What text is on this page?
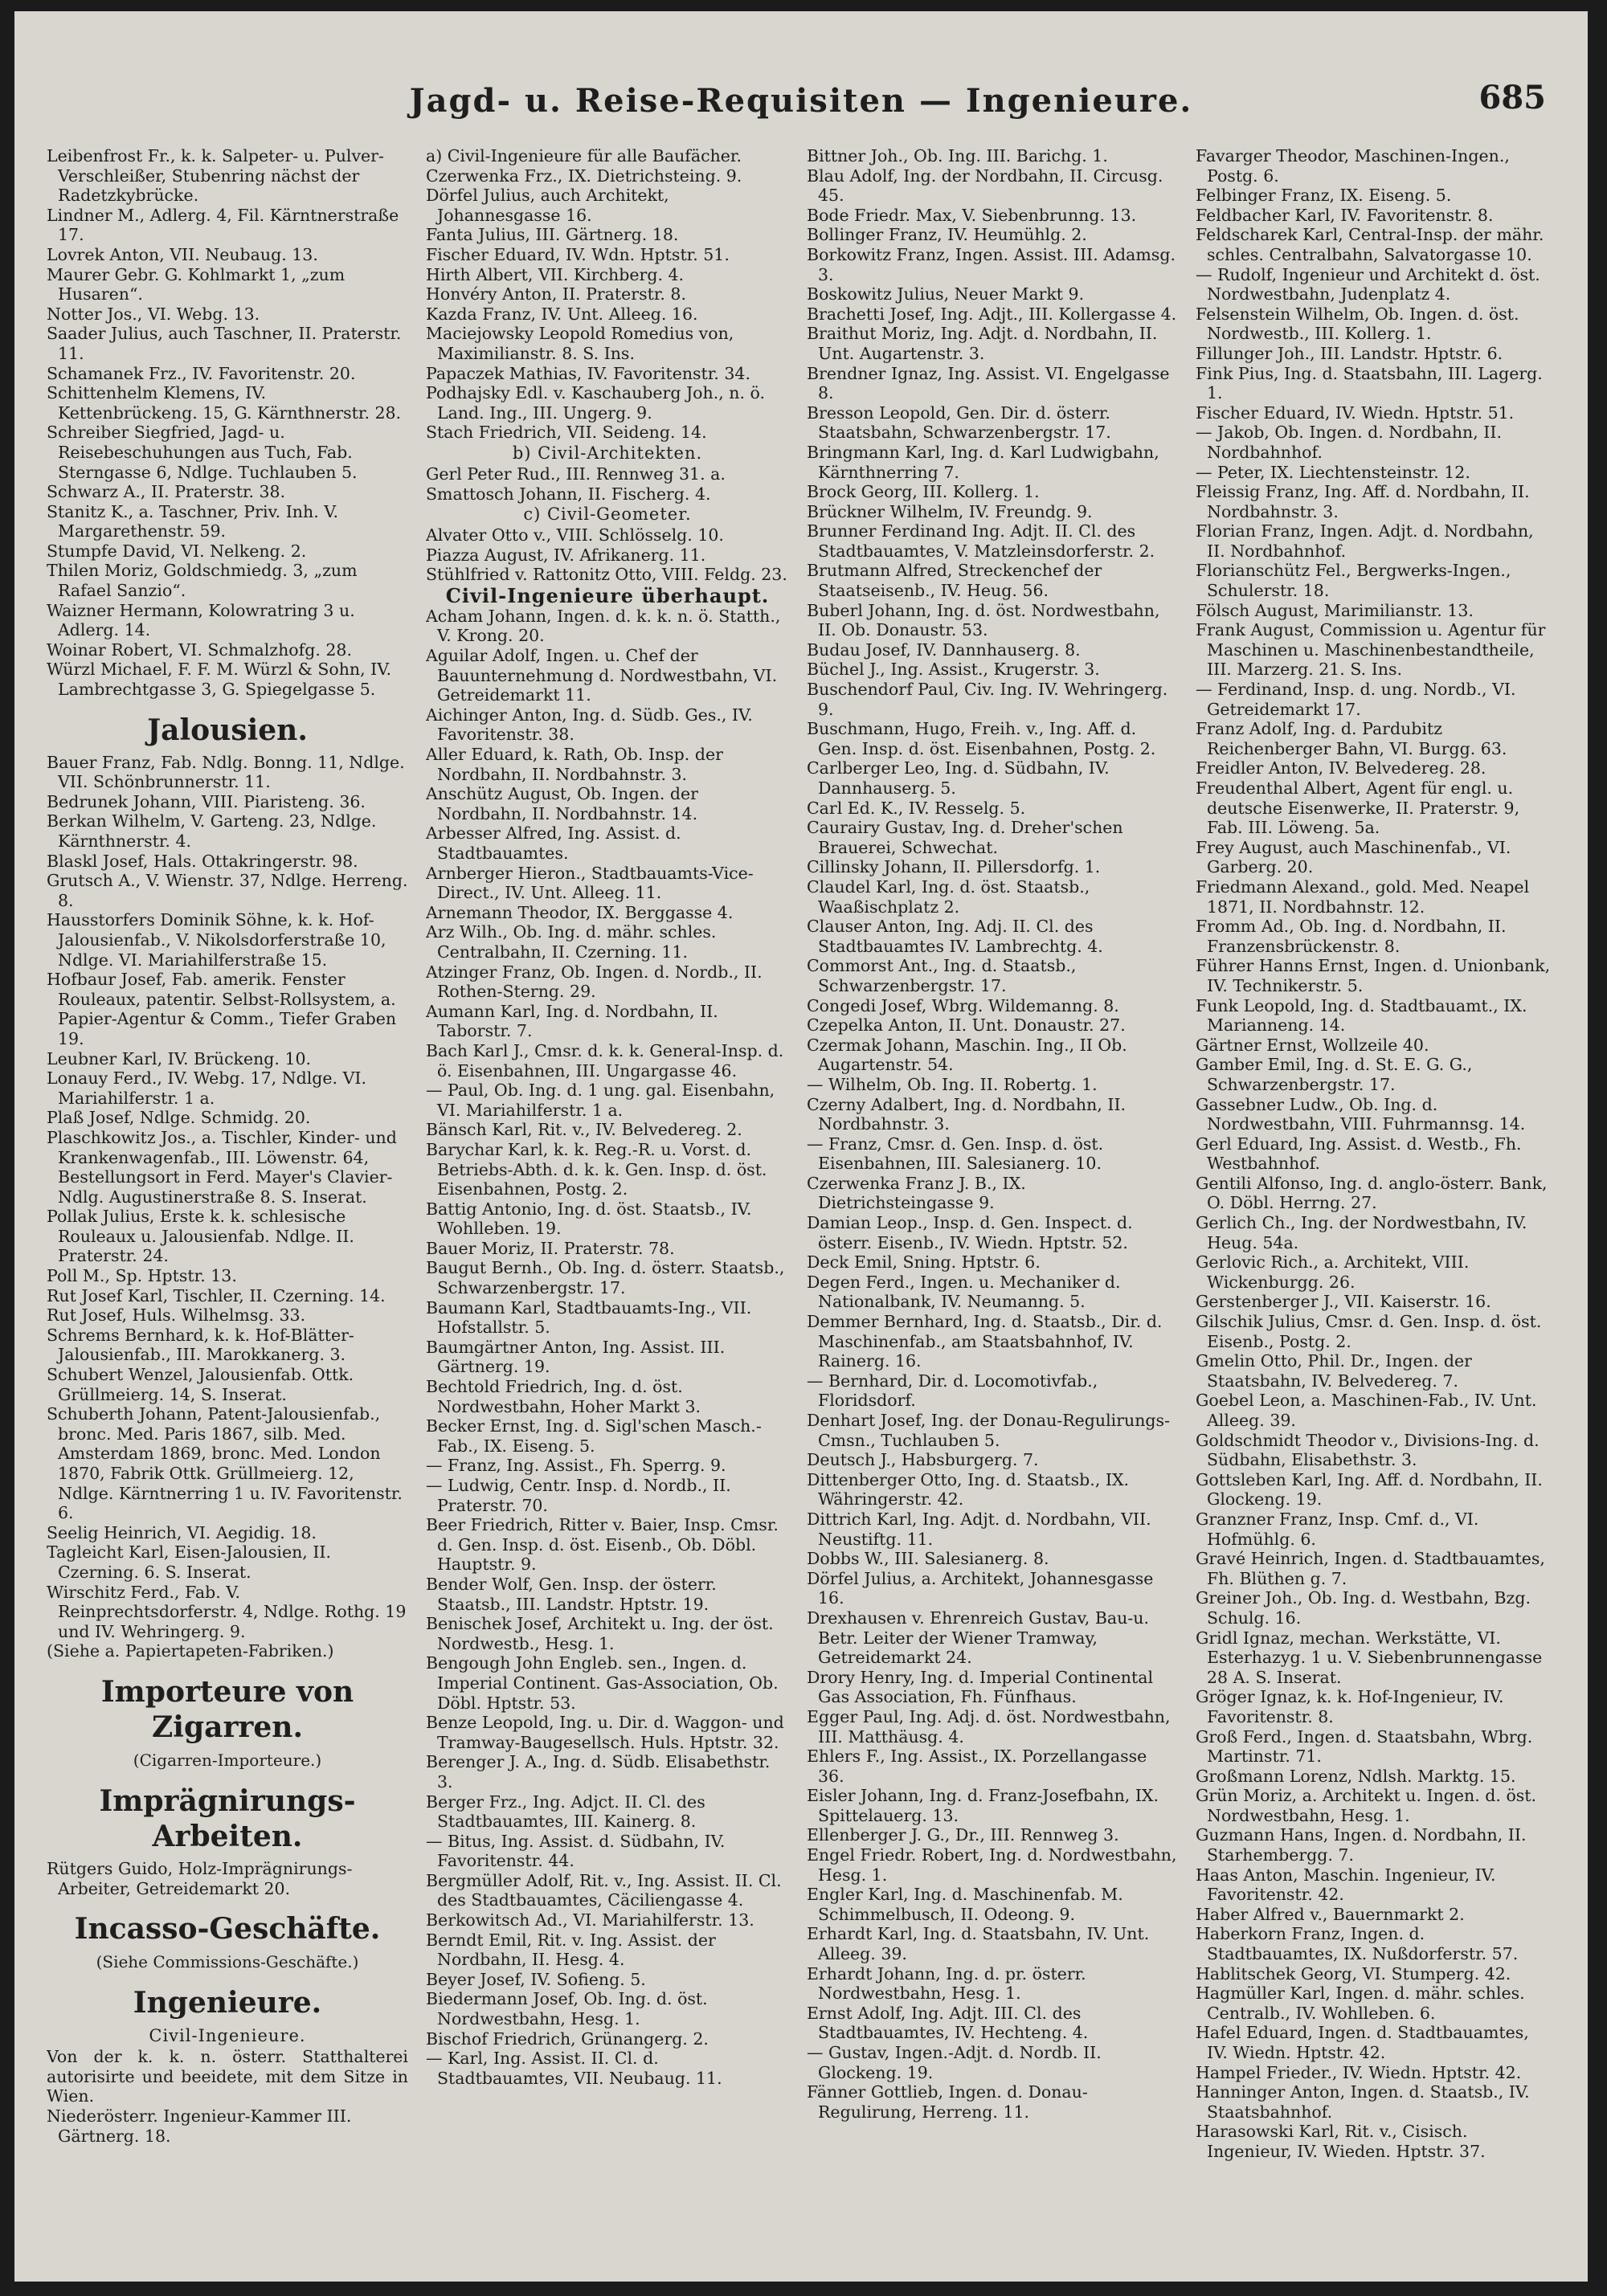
Jagd- u. Reise-Requisiten — Ingenieure.	685
Leibenfrost Fr., k. k. Salpeter- u. Pulver-Verschleißer, Stubenring nächst der Radetzkybrücke.
Lindner M., Adlerg. 4, Fil. Kärntnerstraße 17.
Lovrek Anton, VII. Neubaug. 13.
Maurer Gebr. G. Kohlmarkt 1, „zum Husaren“.
Notter Jos., VI. Webg. 13.
Saader Julius, auch Taschner, II. Praterstr. 11.
Schamanek Frz., IV. Favoritenstr. 20.
Schittenhelm Klemens, IV. Kettenbrückeng. 15, G. Kärnthnerstr. 28.
Schreiber Siegfried, Jagd- u. Reisebeschuhungen aus Tuch, Fab. Sterngasse 6, Ndlge. Tuchlauben 5.
Schwarz A., II. Praterstr. 38.
Stanitz K., a. Taschner, Priv. Inh. V. Margarethenstr. 59.
Stumpfe David, VI. Nelkeng. 2.
Thilen Moriz, Goldschmiedg. 3, „zum Rafael Sanzio“.
Waizner Hermann, Kolowratring 3 u. Adlerg. 14.
Woinar Robert, VI. Schmalzhofg. 28.
Würzl Michael, F. F. M. Würzl & Sohn, IV. Lambrechtgasse 3, G. Spiegelgasse 5.
Jalousien.
Bauer Franz, Fab. Ndlg. Bonng. 11, Ndlge. VII. Schönbrunnerstr. 11.
Bedrunek Johann, VIII. Piaristeng. 36.
Berkan Wilhelm, V. Garteng. 23, Ndlge. Kärnthnerstr. 4.
Blaskl Josef, Hals. Ottakringerstr. 98.
Grutsch A., V. Wienstr. 37, Ndlge. Herreng. 8.
Hausstorfers Dominik Söhne, k. k. Hof-Jalousienfab., V. Nikolsdorferstraße 10, Ndlge. VI. Mariahilferstraße 15.
Hofbaur Josef, Fab. amerik. Fenster Rouleaux, patentir. Selbst-Rollsystem, a. Papier-Agentur & Comm., Tiefer Graben 19.
Leubner Karl, IV. Brückeng. 10.
Lonauy Ferd., IV. Webg. 17, Ndlge. VI. Mariahilferstr. 1 a.
Plaß Josef, Ndlge. Schmidg. 20.
Plaschkowitz Jos., a. Tischler, Kinder- und Krankenwagenfab., III. Löwenstr. 64, Bestellungsort in Ferd. Mayer's Clavier-Ndlg. Augustinerstraße 8. S. Inserat.
Pollak Julius, Erste k. k. schlesische Rouleaux u. Jalousienfab. Ndlge. II. Praterstr. 24.
Poll M., Sp. Hptstr. 13.
Rut Josef Karl, Tischler, II. Czerning. 14.
Rut Josef, Huls. Wilhelmsg. 33.
Schrems Bernhard, k. k. Hof-Blätter-Jalousienfab., III. Marokkanerg. 3.
Schubert Wenzel, Jalousienfab. Ottk. Grüllmeierg. 14, S. Inserat.
Schuberth Johann, Patent-Jalousienfab., bronc. Med. Paris 1867, silb. Med. Amsterdam 1869, bronc. Med. London 1870, Fabrik Ottk. Grüllmeierg. 12, Ndlge. Kärntnerring 1 u. IV. Favoritenstr. 6.
Seelig Heinrich, VI. Aegidig. 18.
Tagleicht Karl, Eisen-Jalousien, II. Czerning. 6. S. Inserat.
Wirschitz Ferd., Fab. V. Reinprechtsdorferstr. 4, Ndlge. Rothg. 19 und IV. Wehringerg. 9.
(Siehe a. Papiertapeten-Fabriken.)
Importeure von Zigarren.
(Cigarren-Importeure.)
Imprägnirungs-Arbeiten.
Rütgers Guido, Holz-Imprägnirungs-Arbeiter, Getreidemarkt 20.
Incasso-Geschäfte.
(Siehe Commissions-Geschäfte.)
Ingenieure.
Civil-Ingenieure.
Von der k. k. n. österr. Statthalterei autorisirte und beeidete, mit dem Sitze in Wien.
Niederösterr. Ingenieur-Kammer III. Gärtnerg. 18.
a) Civil-Ingenieure für alle Baufächer.
Czerwenka Frz., IX. Dietrichsteing. 9.
Dörfel Julius, auch Architekt, Johannesgasse 16.
Fanta Julius, III. Gärtnerg. 18.
Fischer Eduard, IV. Wdn. Hptstr. 51.
Hirth Albert, VII. Kirchberg. 4.
Honvéry Anton, II. Praterstr. 8.
Kazda Franz, IV. Unt. Alleeg. 16.
Maciejowsky Leopold Romedius von, Maximilianstr. 8. S. Ins.
Papaczek Mathias, IV. Favoritenstr. 34.
Podhajsky Edl. v. Kaschauberg Joh., n. ö. Land. Ing., III. Ungerg. 9.
Stach Friedrich, VII. Seideng. 14.
b) Civil-Architekten.
Gerl Peter Rud., III. Rennweg 31. a.
Smattosch Johann, II. Fischerg. 4.
c) Civil-Geometer.
Alvater Otto v., VIII. Schlösselg. 10.
Piazza August, IV. Afrikanerg. 11.
Stühlfried v. Rattonitz Otto, VIII. Feldg. 23.
Civil-Ingenieure überhaupt.
Acham Johann, Ingen. d. k. k. n. ö. Statth., V. Krong. 20.
Aguilar Adolf, Ingen. u. Chef der Bauunternehmung d. Nordwestbahn, VI. Getreidemarkt 11.
Aichinger Anton, Ing. d. Südb. Ges., IV. Favoritenstr. 38.
Aller Eduard, k. Rath, Ob. Insp. der Nordbahn, II. Nordbahnstr. 3.
Anschütz August, Ob. Ingen. der Nordbahn, II. Nordbahnstr. 14.
Arbesser Alfred, Ing. Assist. d. Stadtbauamtes.
Arnberger Hieron., Stadtbauamts-Vice-Direct., IV. Unt. Alleeg. 11.
Arnemann Theodor, IX. Berggasse 4.
Arz Wilh., Ob. Ing. d. mähr. schles. Centralbahn, II. Czerning. 11.
Atzinger Franz, Ob. Ingen. d. Nordb., II. Rothen-Sterng. 29.
Aumann Karl, Ing. d. Nordbahn, II. Taborstr. 7.
Bach Karl J., Cmsr. d. k. k. General-Insp. d. ö. Eisenbahnen, III. Ungargasse 46.
— Paul, Ob. Ing. d. 1 ung. gal. Eisenbahn, VI. Mariahilferstr. 1 a.
Bänsch Karl, Rit. v., IV. Belvedereg. 2.
Barychar Karl, k. k. Reg.-R. u. Vorst. d. Betriebs-Abth. d. k. k. Gen. Insp. d. öst. Eisenbahnen, Postg. 2.
Battig Antonio, Ing. d. öst. Staatsb., IV. Wohlleben. 19.
Bauer Moriz, II. Praterstr. 78.
Baugut Bernh., Ob. Ing. d. österr. Staatsb., Schwarzenbergstr. 17.
Baumann Karl, Stadtbauamts-Ing., VII. Hofstallstr. 5.
Baumgärtner Anton, Ing. Assist. III. Gärtnerg. 19.
Bechtold Friedrich, Ing. d. öst. Nordwestbahn, Hoher Markt 3.
Becker Ernst, Ing. d. Sigl'schen Masch.-Fab., IX. Eiseng. 5.
— Franz, Ing. Assist., Fh. Sperrg. 9.
— Ludwig, Centr. Insp. d. Nordb., II. Praterstr. 70.
Beer Friedrich, Ritter v. Baier, Insp. Cmsr. d. Gen. Insp. d. öst. Eisenb., Ob. Döbl. Hauptstr. 9.
Bender Wolf, Gen. Insp. der österr. Staatsb., III. Landstr. Hptstr. 19.
Benischek Josef, Architekt u. Ing. der öst. Nordwestb., Hesg. 1.
Bengough John Engleb. sen., Ingen. d. Imperial Continent. Gas-Association, Ob. Döbl. Hptstr. 53.
Benze Leopold, Ing. u. Dir. d. Waggon- und Tramway-Baugesellsch. Huls. Hptstr. 32.
Berenger J. A., Ing. d. Südb. Elisabethstr. 3.
Berger Frz., Ing. Adjct. II. Cl. des Stadtbauamtes, III. Kainerg. 8.
— Bitus, Ing. Assist. d. Südbahn, IV. Favoritenstr. 44.
Bergmüller Adolf, Rit. v., Ing. Assist. II. Cl. des Stadtbauamtes, Cäciliengasse 4.
Berkowitsch Ad., VI. Mariahilferstr. 13.
Berndt Emil, Rit. v. Ing. Assist. der Nordbahn, II. Hesg. 4.
Beyer Josef, IV. Sofieng. 5.
Biedermann Josef, Ob. Ing. d. öst. Nordwestbahn, Hesg. 1.
Bischof Friedrich, Grünangerg. 2.
— Karl, Ing. Assist. II. Cl. d. Stadtbauamtes, VII. Neubaug. 11.
Bittner Joh., Ob. Ing. III. Barichg. 1.
Blau Adolf, Ing. der Nordbahn, II. Circusg. 45.
Bode Friedr. Max, V. Siebenbrunng. 13.
Bollinger Franz, IV. Heumühlg. 2.
Borkowitz Franz, Ingen. Assist. III. Adamsg. 3.
Boskowitz Julius, Neuer Markt 9.
Brachetti Josef, Ing. Adjt., III. Kollergasse 4.
Braithut Moriz, Ing. Adjt. d. Nordbahn, II. Unt. Augartenstr. 3.
Brendner Ignaz, Ing. Assist. VI. Engelgasse 8.
Bresson Leopold, Gen. Dir. d. österr. Staatsbahn, Schwarzenbergstr. 17.
Bringmann Karl, Ing. d. Karl Ludwigbahn, Kärnthnerring 7.
Brock Georg, III. Kollerg. 1.
Brückner Wilhelm, IV. Freundg. 9.
Brunner Ferdinand Ing. Adjt. II. Cl. des Stadtbauamtes, V. Matzleinsdorferstr. 2.
Brutmann Alfred, Streckenchef der Staatseisenb., IV. Heug. 56.
Buberl Johann, Ing. d. öst. Nordwestbahn, II. Ob. Donaustr. 53.
Budau Josef, IV. Dannhauserg. 8.
Büchel J., Ing. Assist., Krugerstr. 3.
Buschendorf Paul, Civ. Ing. IV. Wehringerg. 9.
Buschmann, Hugo, Freih. v., Ing. Aff. d. Gen. Insp. d. öst. Eisenbahnen, Postg. 2.
Carlberger Leo, Ing. d. Südbahn, IV. Dannhauserg. 5.
Carl Ed. K., IV. Resselg. 5.
Caurairy Gustav, Ing. d. Dreher'schen Brauerei, Schwechat.
Cillinsky Johann, II. Pillersdorfg. 1.
Claudel Karl, Ing. d. öst. Staatsb., Waaßischplatz 2.
Clauser Anton, Ing. Adj. II. Cl. des Stadtbauamtes IV. Lambrechtg. 4.
Commorst Ant., Ing. d. Staatsb., Schwarzenbergstr. 17.
Congedi Josef, Wbrg. Wildemanng. 8.
Czepelka Anton, II. Unt. Donaustr. 27.
Czermak Johann, Maschin. Ing., II Ob. Augartenstr. 54.
— Wilhelm, Ob. Ing. II. Robertg. 1.
Czerny Adalbert, Ing. d. Nordbahn, II. Nordbahnstr. 3.
— Franz, Cmsr. d. Gen. Insp. d. öst. Eisenbahnen, III. Salesianerg. 10.
Czerwenka Franz J. B., IX. Dietrichsteingasse 9.
Damian Leop., Insp. d. Gen. Inspect. d. österr. Eisenb., IV. Wiedn. Hptstr. 52.
Deck Emil, Sning. Hptstr. 6.
Degen Ferd., Ingen. u. Mechaniker d. Nationalbank, IV. Neumanng. 5.
Demmer Bernhard, Ing. d. Staatsb., Dir. d. Maschinenfab., am Staatsbahnhof, IV. Rainerg. 16.
— Bernhard, Dir. d. Locomotivfab., Floridsdorf.
Denhart Josef, Ing. der Donau-Regulirungs-Cmsn., Tuchlauben 5.
Deutsch J., Habsburgerg. 7.
Dittenberger Otto, Ing. d. Staatsb., IX. Währingerstr. 42.
Dittrich Karl, Ing. Adjt. d. Nordbahn, VII. Neustiftg. 11.
Dobbs W., III. Salesianerg. 8.
Dörfel Julius, a. Architekt, Johannesgasse 16.
Drexhausen v. Ehrenreich Gustav, Bau-u. Betr. Leiter der Wiener Tramway, Getreidemarkt 24.
Drory Henry, Ing. d. Imperial Continental Gas Association, Fh. Fünfhaus.
Egger Paul, Ing. Adj. d. öst. Nordwestbahn, III. Matthäusg. 4.
Ehlers F., Ing. Assist., IX. Porzellangasse 36.
Eisler Johann, Ing. d. Franz-Josefbahn, IX. Spittelauerg. 13.
Ellenberger J. G., Dr., III. Rennweg 3.
Engel Friedr. Robert, Ing. d. Nordwestbahn, Hesg. 1.
Engler Karl, Ing. d. Maschinenfab. M. Schimmelbusch, II. Odeong. 9.
Erhardt Karl, Ing. d. Staatsbahn, IV. Unt. Alleeg. 39.
Erhardt Johann, Ing. d. pr. österr. Nordwestbahn, Hesg. 1.
Ernst Adolf, Ing. Adjt. III. Cl. des Stadtbauamtes, IV. Hechteng. 4.
— Gustav, Ingen.-Adjt. d. Nordb. II. Glockeng. 19.
Fänner Gottlieb, Ingen. d. Donau-Regulirung, Herreng. 11.
Favarger Theodor, Maschinen-Ingen., Postg. 6.
Felbinger Franz, IX. Eiseng. 5.
Feldbacher Karl, IV. Favoritenstr. 8.
Feldscharek Karl, Central-Insp. der mähr. schles. Centralbahn, Salvatorgasse 10.
— Rudolf, Ingenieur und Architekt d. öst. Nordwestbahn, Judenplatz 4.
Felsenstein Wilhelm, Ob. Ingen. d. öst. Nordwestb., III. Kollerg. 1.
Fillunger Joh., III. Landstr. Hptstr. 6.
Fink Pius, Ing. d. Staatsbahn, III. Lagerg. 1.
Fischer Eduard, IV. Wiedn. Hptstr. 51.
— Jakob, Ob. Ingen. d. Nordbahn, II. Nordbahnhof.
— Peter, IX. Liechtensteinstr. 12.
Fleissig Franz, Ing. Aff. d. Nordbahn, II. Nordbahnstr. 3.
Florian Franz, Ingen. Adjt. d. Nordbahn, II. Nordbahnhof.
Florianschütz Fel., Bergwerks-Ingen., Schulerstr. 18.
Fölsch August, Marimilianstr. 13.
Frank August, Commission u. Agentur für Maschinen u. Maschinenbestandtheile, III. Marzerg. 21. S. Ins.
— Ferdinand, Insp. d. ung. Nordb., VI. Getreidemarkt 17.
Franz Adolf, Ing. d. Pardubitz Reichenberger Bahn, VI. Burgg. 63.
Freidler Anton, IV. Belvedereg. 28.
Freudenthal Albert, Agent für engl. u. deutsche Eisenwerke, II. Praterstr. 9, Fab. III. Löweng. 5a.
Frey August, auch Maschinenfab., VI. Garberg. 20.
Friedmann Alexand., gold. Med. Neapel 1871, II. Nordbahnstr. 12.
Fromm Ad., Ob. Ing. d. Nordbahn, II. Franzensbrückenstr. 8.
Führer Hanns Ernst, Ingen. d. Unionbank, IV. Technikerstr. 5.
Funk Leopold, Ing. d. Stadtbauamt., IX. Marianneng. 14.
Gärtner Ernst, Wollzeile 40.
Gamber Emil, Ing. d. St. E. G. G., Schwarzenbergstr. 17.
Gassebner Ludw., Ob. Ing. d. Nordwestbahn, VIII. Fuhrmannsg. 14.
Gerl Eduard, Ing. Assist. d. Westb., Fh. Westbahnhof.
Gentili Alfonso, Ing. d. anglo-österr. Bank, O. Döbl. Herrng. 27.
Gerlich Ch., Ing. der Nordwestbahn, IV. Heug. 54a.
Gerlovic Rich., a. Architekt, VIII. Wickenburgg. 26.
Gerstenberger J., VII. Kaiserstr. 16.
Gilschik Julius, Cmsr. d. Gen. Insp. d. öst. Eisenb., Postg. 2.
Gmelin Otto, Phil. Dr., Ingen. der Staatsbahn, IV. Belvedereg. 7.
Goebel Leon, a. Maschinen-Fab., IV. Unt. Alleeg. 39.
Goldschmidt Theodor v., Divisions-Ing. d. Südbahn, Elisabethstr. 3.
Gottsleben Karl, Ing. Aff. d. Nordbahn, II. Glockeng. 19.
Granzner Franz, Insp. Cmf. d., VI. Hofmühlg. 6.
Gravé Heinrich, Ingen. d. Stadtbauamtes, Fh. Blüthen g. 7.
Greiner Joh., Ob. Ing. d. Westbahn, Bzg. Schulg. 16.
Gridl Ignaz, mechan. Werkstätte, VI. Esterhazyg. 1 u. V. Siebenbrunnengasse 28 A. S. Inserat.
Gröger Ignaz, k. k. Hof-Ingenieur, IV. Favoritenstr. 8.
Groß Ferd., Ingen. d. Staatsbahn, Wbrg. Martinstr. 71.
Großmann Lorenz, Ndlsh. Marktg. 15.
Grün Moriz, a. Architekt u. Ingen. d. öst. Nordwestbahn, Hesg. 1.
Guzmann Hans, Ingen. d. Nordbahn, II. Starhembergg. 7.
Haas Anton, Maschin. Ingenieur, IV. Favoritenstr. 42.
Haber Alfred v., Bauernmarkt 2.
Haberkorn Franz, Ingen. d. Stadtbauamtes, IX. Nußdorferstr. 57.
Hablitschek Georg, VI. Stumperg. 42.
Hagmüller Karl, Ingen. d. mähr. schles. Centralb., IV. Wohlleben. 6.
Hafel Eduard, Ingen. d. Stadtbauamtes, IV. Wiedn. Hptstr. 42.
Hampel Frieder., IV. Wiedn. Hptstr. 42.
Hanninger Anton, Ingen. d. Staatsb., IV. Staatsbahnhof.
Harasowski Karl, Rit. v., Cisisch. Ingenieur, IV. Wieden. Hptstr. 37.
